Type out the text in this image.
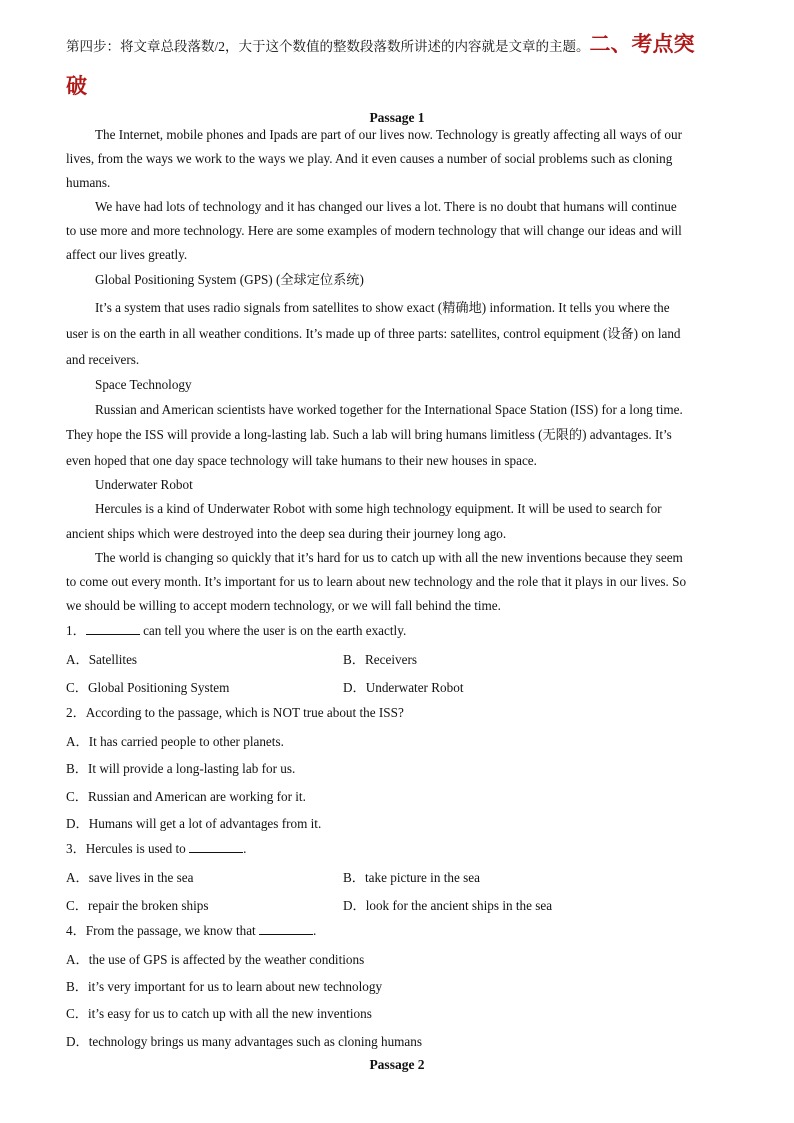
第四步：将文章总段落数/2，大于这个数值的整数段落数所讲述的内容就是文章的主题。二、考点突
破
Passage 1
The Internet, mobile phones and Ipads are part of our lives now. Technology is greatly affecting all ways of our
lives, from the ways we work to the ways we play. And it even causes a number of social problems such as cloning
humans.
We have had lots of technology and it has changed our lives a lot. There is no doubt that humans will continue
to use more and more technology. Here are some examples of modern technology that will change our ideas and will
affect our lives greatly.
Global Positioning System (GPS) (全球定位系统)
It’s a system that uses radio signals from satellites to show exact (精确地) information. It tells you where the
user is on the earth in all weather conditions. It’s made up of three parts: satellites, control equipment (设备) on land
and receivers.
Space Technology
Russian and American scientists have worked together for the International Space Station (ISS) for a long time.
They hope the ISS will provide a long-lasting lab. Such a lab will bring humans limitless (无限的) advantages. It’s
even hoped that one day space technology will take humans to their new houses in space.
Underwater Robot
Hercules is a kind of Underwater Robot with some high technology equipment. It will be used to search for
ancient ships which were destroyed into the deep sea during their journey long ago.
The world is changing so quickly that it’s hard for us to catch up with all the new inventions because they seem
to come out every month. It’s important for us to learn about new technology and the role that it plays in our lives. So
we should be willing to accept modern technology, or we will fall behind the time.
1．	can tell you where the user is on the earth exactly.
A．Satellites	B．Receivers
C．Global Positioning System	D．Underwater Robot
2．According to the passage, which is NOT true about the ISS?
A．It has carried people to other planets.
B．It will provide a long-lasting lab for us.
C．Russian and American are working for it.
D．Humans will get a lot of advantages from it.
3．Hercules is used to	.
A．save lives in the sea	B．take picture in the sea
C．repair the broken ships	D．look for the ancient ships in the sea
4．From the passage, we know that	.
A．the use of GPS is affected by the weather conditions
B．it’s very important for us to learn about new technology
C．it’s easy for us to catch up with all the new inventions
D．technology brings us many advantages such as cloning humans
Passage 2
